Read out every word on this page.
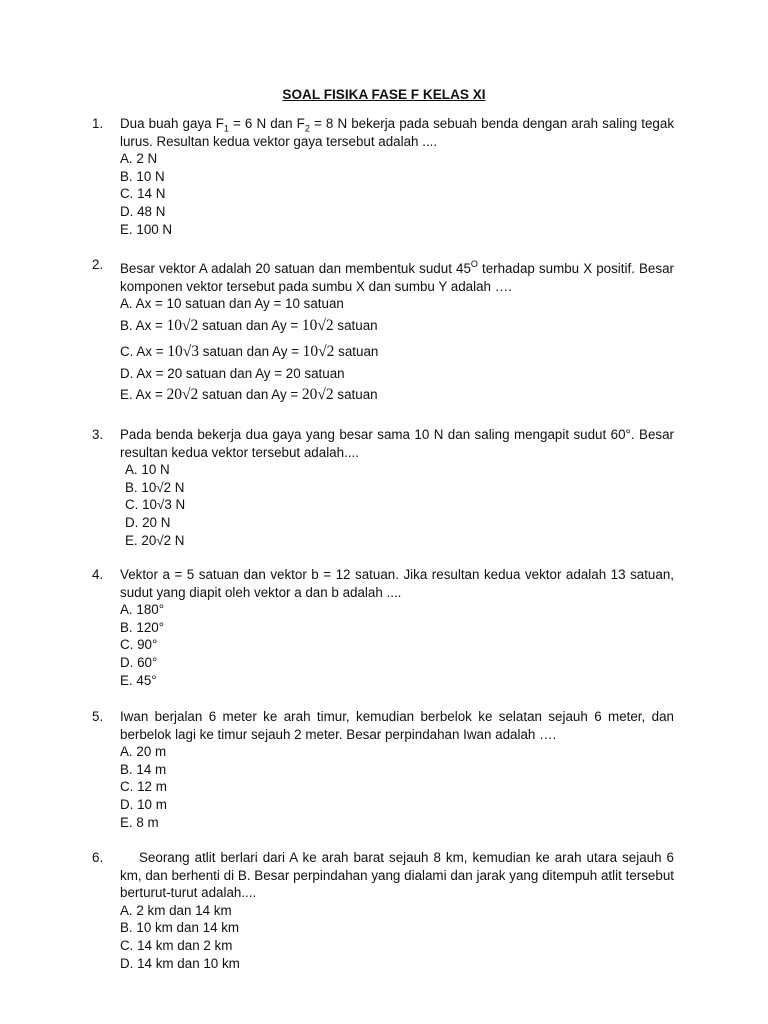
SOAL FISIKA FASE F KELAS XI
1. Dua buah gaya $F_1 = 6$ N dan $F_2 = 8$ N bekerja pada sebuah benda dengan arah saling tegak lurus. Resultan kedua vektor gaya tersebut adalah ....
A. 2 N
B. 10 N
C. 14 N
D. 48 N
E. 100 N
2. Besar vektor A adalah 20 satuan dan membentuk sudut $45^O$ terhadap sumbu X positif. Besar komponen vektor tersebut pada sumbu X dan sumbu Y adalah ….
A. Ax = 10 satuan dan Ay = 10 satuan
B. Ax = 10√2 satuan dan Ay = 10√2 satuan
C. Ax = 10√3 satuan dan Ay = 10√2 satuan
D. Ax = 20 satuan dan Ay = 20 satuan
E. Ax = 20√2 satuan dan Ay = 20√2 satuan
3. Pada benda bekerja dua gaya yang besar sama 10 N dan saling mengapit sudut 60°. Besar resultan kedua vektor tersebut adalah....
A. 10 N
B. 10√2 N
C. 10√3 N
D. 20 N
E. 20√2 N
4. Vektor a = 5 satuan dan vektor b = 12 satuan. Jika resultan kedua vektor adalah 13 satuan, sudut yang diapit oleh vektor a dan b adalah ....
A. 180°
B. 120°
C. 90°
D. 60°
E. 45°
5. Iwan berjalan 6 meter ke arah timur, kemudian berbelok ke selatan sejauh 6 meter, dan berbelok lagi ke timur sejauh 2 meter. Besar perpindahan Iwan adalah ….
A. 20 m
B. 14 m
C. 12 m
D. 10 m
E. 8 m
6.	Seorang atlit berlari dari A ke arah barat sejauh 8 km, kemudian ke arah utara sejauh 6 km, dan berhenti di B. Besar perpindahan yang dialami dan jarak yang ditempuh atlit tersebut berturut-turut adalah....
A. 2 km dan 14 km
B. 10 km dan 14 km
C. 14 km dan 2 km
D. 14 km dan 10 km
